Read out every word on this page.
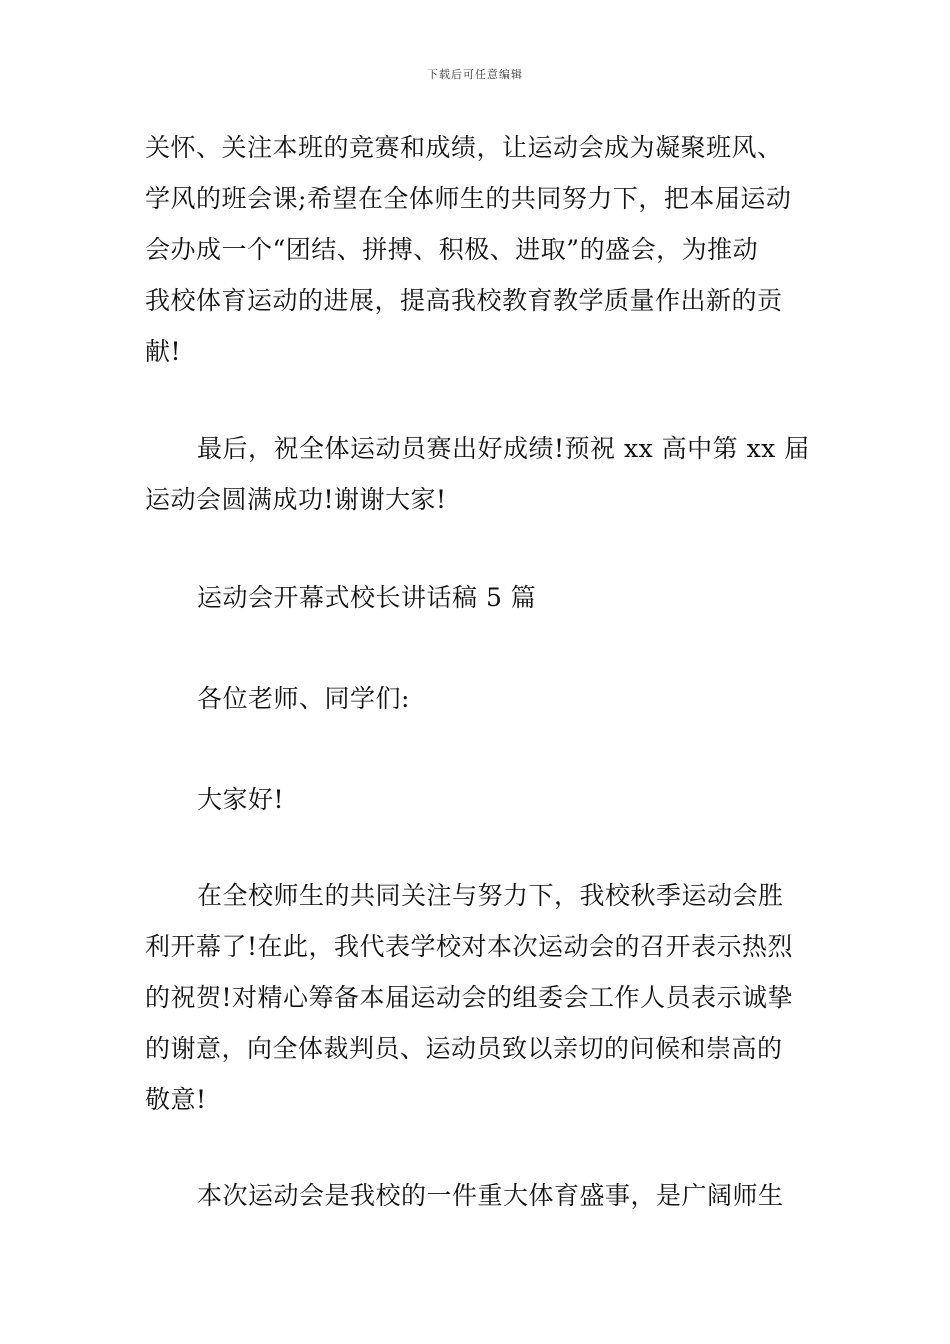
下载后可任意编辑
关怀、关注本班的竞赛和成绩，让运动会成为凝聚班风、
学风的班会课;希望在全体师生的共同努力下，把本届运动
会办成一个“团结、拼搏、积极、进取”的盛会，为推动
我校体育运动的进展，提高我校教育教学质量作出新的贡
献!
最后，祝全体运动员赛出好成绩!预祝 xx 高中第 xx 届
运动会圆满成功!谢谢大家!
运动会开幕式校长讲话稿 5 篇
各位老师、同学们:
大家好!
在全校师生的共同关注与努力下，我校秋季运动会胜
利开幕了!在此，我代表学校对本次运动会的召开表示热烈
的祝贺!对精心筹备本届运动会的组委会工作人员表示诚挚
的谢意，向全体裁判员、运动员致以亲切的问候和崇高的
敬意!
本次运动会是我校的一件重大体育盛事，是广阔师生
